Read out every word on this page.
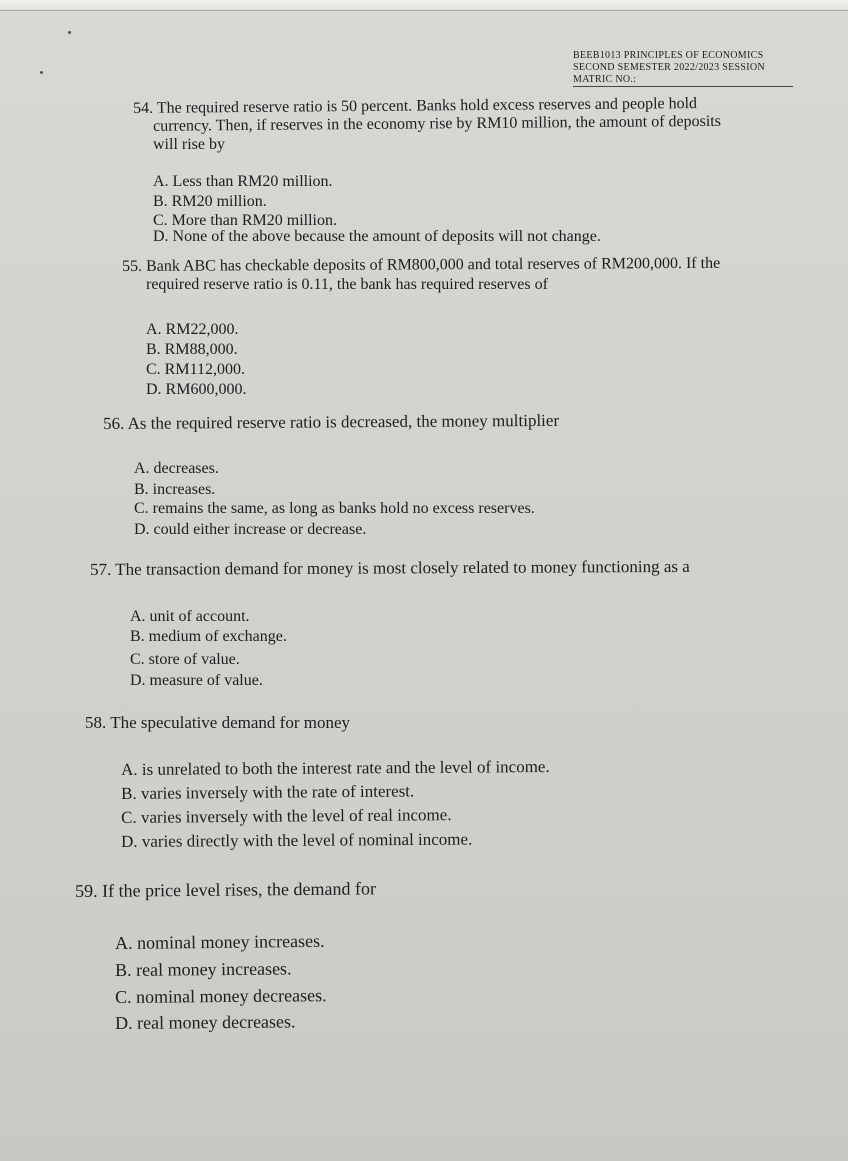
BEEB1013 PRINCIPLES OF ECONOMICS
SECOND SEMESTER 2022/2023 SESSION
MATRIC NO.:
54. The required reserve ratio is 50 percent. Banks hold excess reserves and people hold
currency. Then, if reserves in the economy rise by RM10 million, the amount of deposits
will rise by
A. Less than RM20 million.
B. RM20 million.
C. More than RM20 million.
D. None of the above because the amount of deposits will not change.
55. Bank ABC has checkable deposits of RM800,000 and total reserves of RM200,000. If the
required reserve ratio is 0.11, the bank has required reserves of
A. RM22,000.
B. RM88,000.
C. RM112,000.
D. RM600,000.
56. As the required reserve ratio is decreased, the money multiplier
A. decreases.
B. increases.
C. remains the same, as long as banks hold no excess reserves.
D. could either increase or decrease.
57. The transaction demand for money is most closely related to money functioning as a
A. unit of account.
B. medium of exchange.
C. store of value.
D. measure of value.
58. The speculative demand for money
A. is unrelated to both the interest rate and the level of income.
B. varies inversely with the rate of interest.
C. varies inversely with the level of real income.
D. varies directly with the level of nominal income.
59. If the price level rises, the demand for
A. nominal money increases.
B. real money increases.
C. nominal money decreases.
D. real money decreases.
